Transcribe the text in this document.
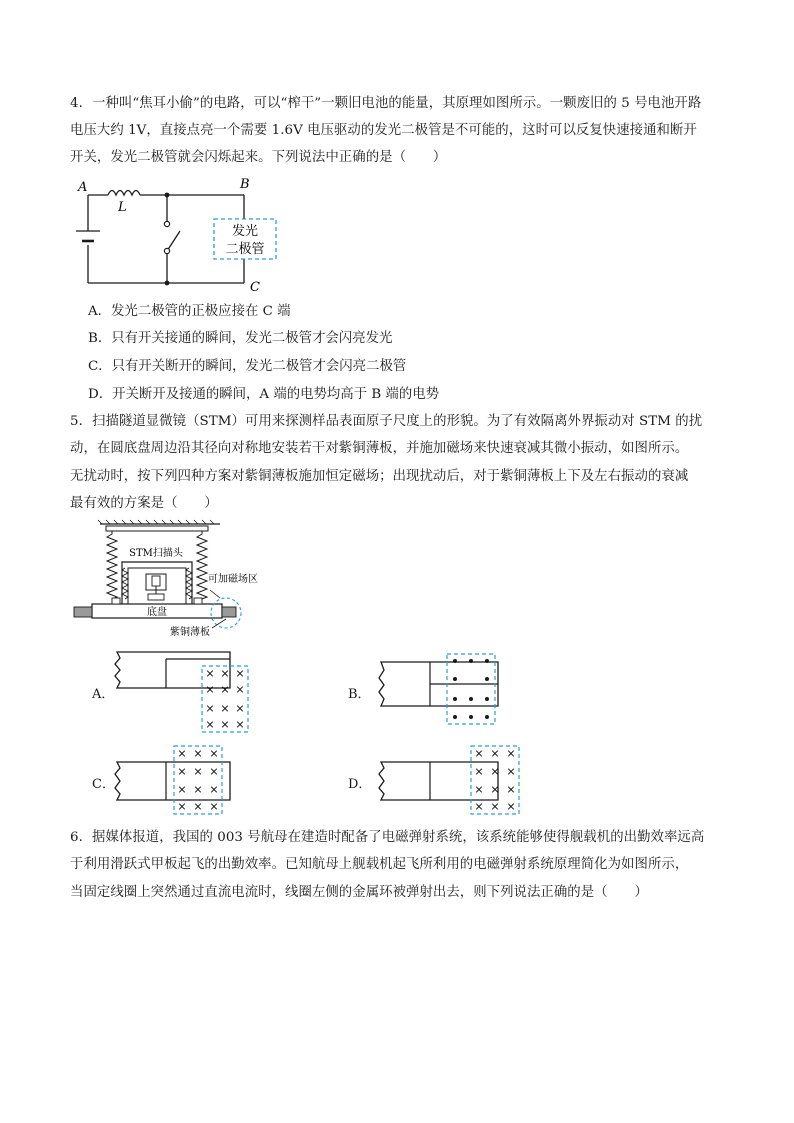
4．一种叫“焦耳小偷”的电路，可以“榨干”一颗旧电池的能量，其原理如图所示。一颗废旧的 5 号电池开路
电压大约 1V，直接点亮一个需要 1.6V 电压驱动的发光二极管是不可能的，这时可以反复快速接通和断开
开关，发光二极管就会闪烁起来。下列说法中正确的是（　　）
A	B
C
L
发光
二极管
A．发光二极管的正极应接在 C 端
B．只有开关接通的瞬间，发光二极管才会闪亮发光
C．只有开关断开的瞬间，发光二极管才会闪亮二极管
D．开关断开及接通的瞬间，A 端的电势均高于 B 端的电势
5．扫描隧道显微镜（STM）可用来探测样品表面原子尺度上的形貌。为了有效隔离外界振动对 STM 的扰
动，在圆底盘周边沿其径向对称地安装若干对紫铜薄板，并施加磁场来快速衰减其微小振动，如图所示。
无扰动时，按下列四种方案对紫铜薄板施加恒定磁场；出现扰动后，对于紫铜薄板上下及左右振动的衰减
最有效的方案是（　　）
STM扫描头
底盘
可加磁场区
紫铜薄板
A．
× × ×
× × ×
× × ×
× × ×
B．
C．
× × ×
× × ×
× × ×
× × ×
D．
× × ×
× × ×
× × ×
× × ×
6．据媒体报道，我国的 003 号航母在建造时配备了电磁弹射系统，该系统能够使得舰载机的出勤效率远高
于利用滑跃式甲板起飞的出勤效率。已知航母上舰载机起飞所利用的电磁弹射系统原理简化为如图所示，
当固定线圈上突然通过直流电流时，线圈左侧的金属环被弹射出去，则下列说法正确的是（　　）
